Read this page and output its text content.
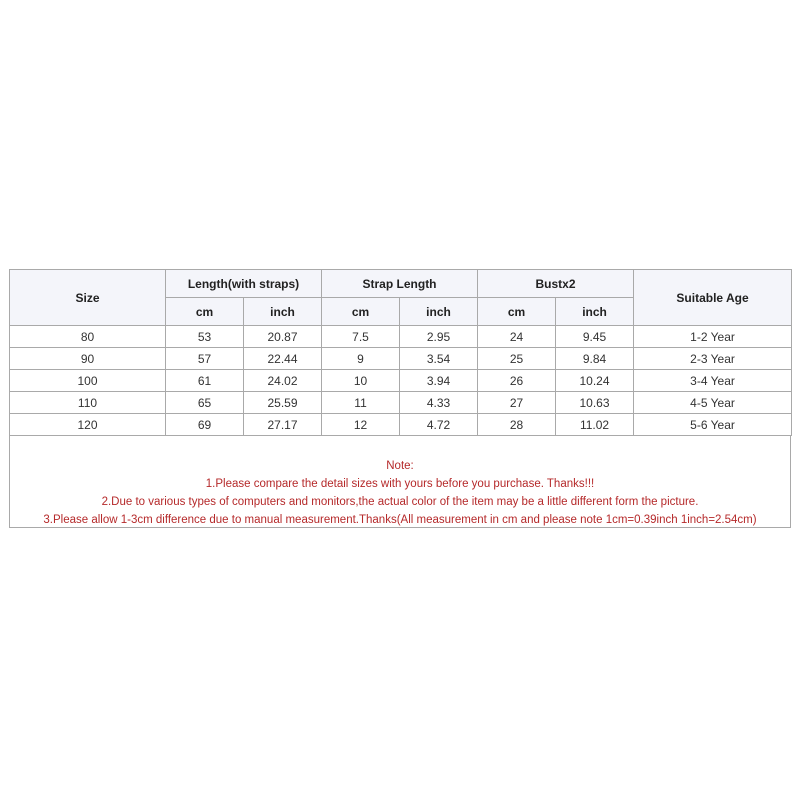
Size	Length(with straps)		Strap Length		Bustx2		Suitable Age
	cm	inch	cm	inch	cm	inch	
80	53	20.87	7.5	2.95	24	9.45	1-2 Year
90	57	22.44	9	3.54	25	9.84	2-3 Year
100	61	24.02	10	3.94	26	10.24	3-4 Year
110	65	25.59	11	4.33	27	10.63	4-5 Year
120	69	27.17	12	4.72	28	11.02	5-6 Year
Note:
1.Please compare the detail sizes with yours before you purchase. Thanks!!!
2.Due to various types of computers and monitors,the actual color of the item may be a little different form the picture.
3.Please allow 1-3cm difference due to manual measurement.Thanks(All measurement in cm and please note 1cm=0.39inch 1inch=2.54cm)
